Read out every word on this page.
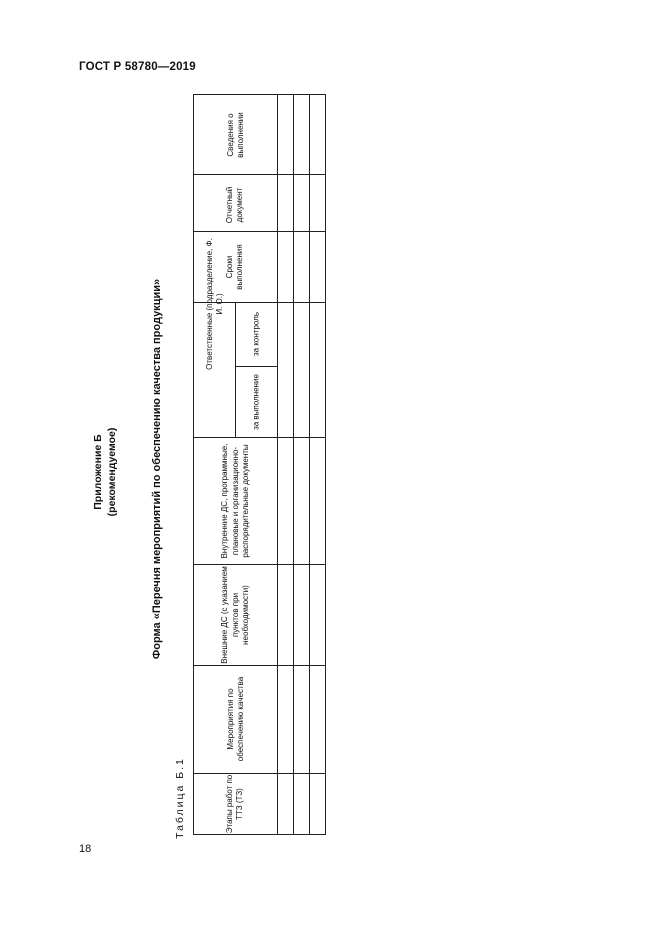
ГОСТ Р 58780—2019
Приложение Б (рекомендуемое)	Форма «Перечня мероприятий по обеспечению качества продукции»
Таблица Б.1
Сведения о выполнении
Отчетный документ
Сроки выполнения
Ответственные (подразделение, Ф. И. О.)
за контроль
за выполнение
Внутренние ДС, программные, плановые и организационно-распорядительные документы
Внешние ДС (с указанием пунктов при необходимости)
Мероприятия по обеспечению качества
Этапы работ по ТТЗ (ТЗ)
18
